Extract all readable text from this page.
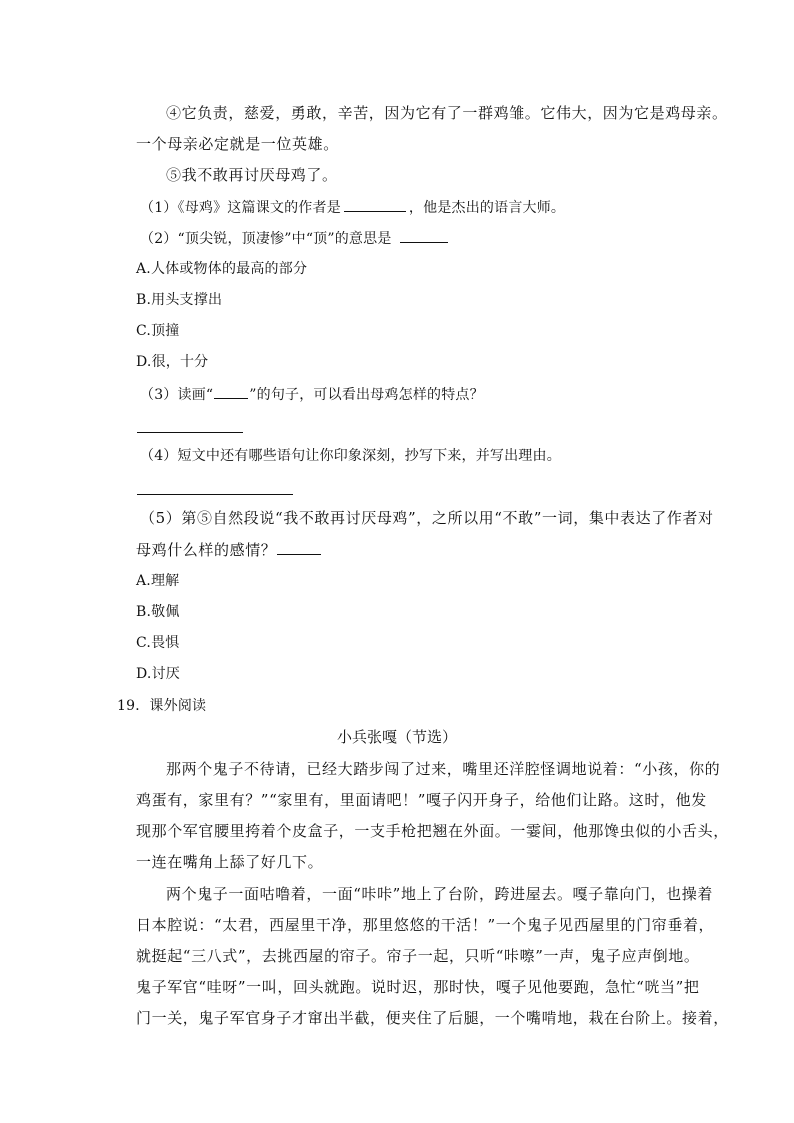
④它负责，慈爱，勇敢，辛苦，因为它有了一群鸡雏。它伟大，因为它是鸡母亲。
一个母亲必定就是一位英雄。
⑤我不敢再讨厌母鸡了。
（1）《母鸡》这篇课文的作者是	，他是杰出的语言大师。
（2）“顶尖锐，顶凄惨”中“顶”的意思是
A.人体或物体的最高的部分
B.用头支撑出
C.顶撞
D.很，十分
（3）读画“	”的句子，可以看出母鸡怎样的特点？
（4）短文中还有哪些语句让你印象深刻，抄写下来，并写出理由。
（5）第⑤自然段说“我不敢再讨厌母鸡”，之所以用“不敢”一词，集中表达了作者对
母鸡什么样的感情？
A.理解
B.敬佩
C.畏惧
D.讨厌
19．课外阅读
小兵张嘎（节选）
那两个鬼子不待请，已经大踏步闯了过来，嘴里还洋腔怪调地说着：“小孩，你的
鸡蛋有，家里有？”“家里有，里面请吧！”嘎子闪开身子，给他们让路。这时，他发
现那个军官腰里挎着个皮盒子，一支手枪把翘在外面。一霎间，他那馋虫似的小舌头，
一连在嘴角上舔了好几下。
两个鬼子一面咕噜着，一面“咔咔”地上了台阶，跨进屋去。嘎子靠向门，也操着
日本腔说：“太君，西屋里干净，那里悠悠的干活！”一个鬼子见西屋里的门帘垂着，
就挺起“三八式”，去挑西屋的帘子。帘子一起，只听“咔嚓”一声，鬼子应声倒地。
鬼子军官“哇呀”一叫，回头就跑。说时迟，那时快，嘎子见他要跑，急忙“咣当”把
门一关，鬼子军官身子才窜出半截，便夹住了后腿，一个嘴啃地，栽在台阶上。接着，
